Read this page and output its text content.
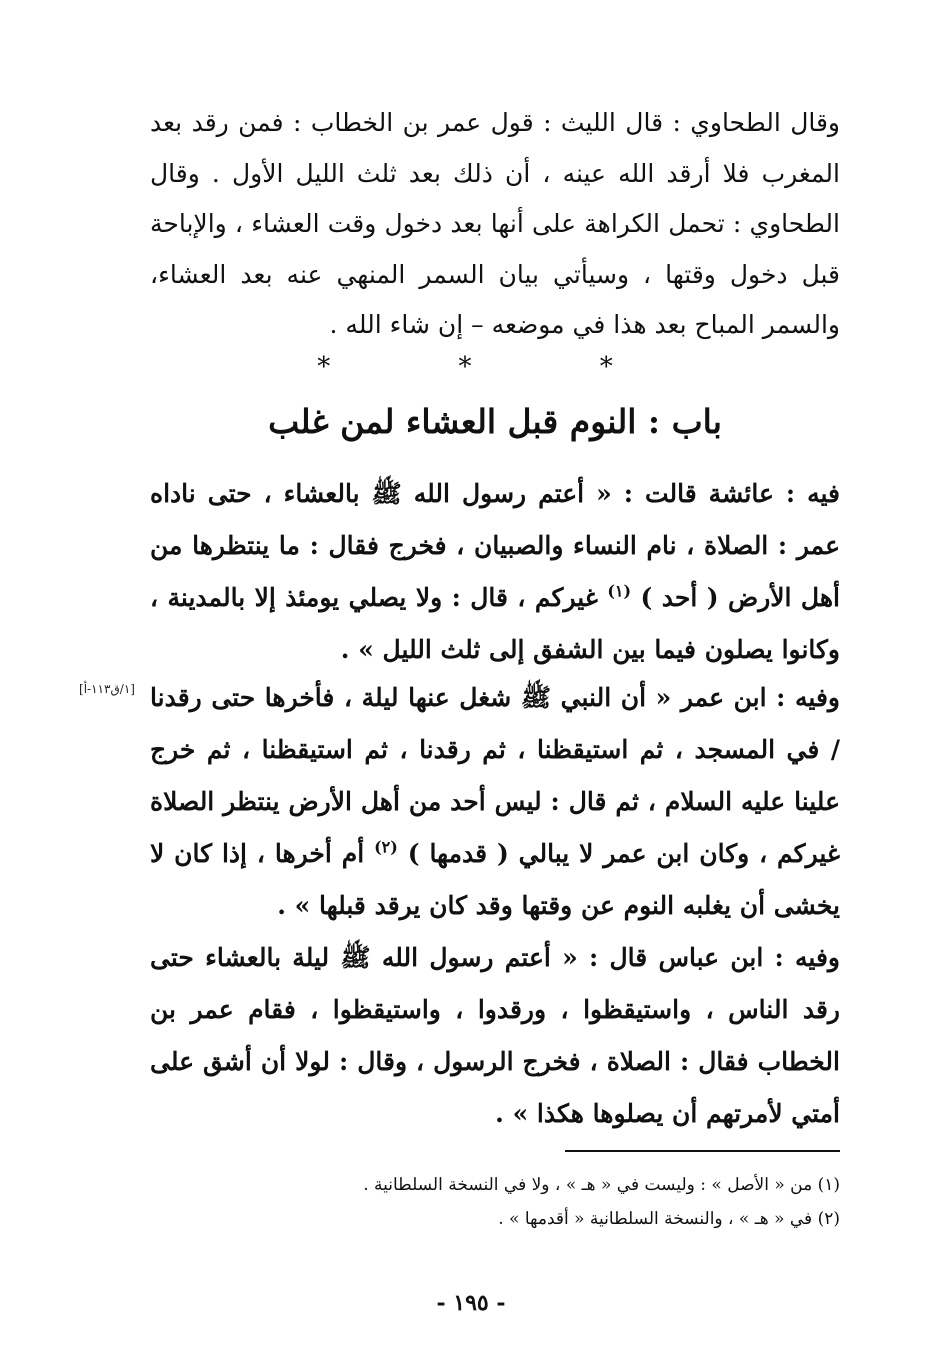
وقال الطحاوي : قال الليث : قول عمر بن الخطاب : فمن رقد بعد المغرب فلا أرقد الله عينه ، أن ذلك بعد ثلث الليل الأول . وقال الطحاوي : تحمل الكراهة على أنها بعد دخول وقت العشاء ، والإباحة قبل دخول وقتها ، وسيأتي بيان السمر المنهي عنه بعد العشاء، والسمر المباح بعد هذا في موضعه – إن شاء الله .

* * *
باب : النوم قبل العشاء لمن غلب

فيه : عائشة قالت : « أعتم رسول الله ﷺ بالعشاء ، حتى ناداه عمر : الصلاة ، نام النساء والصبيان ، فخرج فقال : ما ينتظرها من أهل الأرض ( أحد ) $^{(١)}$ غيركم ، قال : ولا يصلي يومئذ إلا بالمدينة ، وكانوا يصلون فيما بين الشفق إلى ثلث الليل » .

[١/ق١١٣-أ] وفيه : ابن عمر « أن النبي ﷺ شغل عنها ليلة ، فأخرها حتى رقدنا / في المسجد ، ثم استيقظنا ، ثم رقدنا ، ثم استيقظنا ، ثم خرج علينا عليه السلام ، ثم قال : ليس أحد من أهل الأرض ينتظر الصلاة غيركم ، وكان ابن عمر لا يبالي ( قدمها ) $^{(٢)}$ أم أخرها ، إذا كان لا يخشى أن يغلبه النوم عن وقتها وقد كان يرقد قبلها » .

وفيه : ابن عباس قال : « أعتم رسول الله ﷺ ليلة بالعشاء حتى رقد الناس ، واستيقظوا ، ورقدوا ، واستيقظوا ، فقام عمر بن الخطاب فقال : الصلاة ، فخرج الرسول ، وقال : لولا أن أشق على أمتي لأمرتهم أن يصلوها هكذا » .

(١) من « الأصل » : وليست في « هـ » ، ولا في النسخة السلطانية .
(٢) في « هـ » ، والنسخة السلطانية « أقدمها » .
- ١٩٥ -
